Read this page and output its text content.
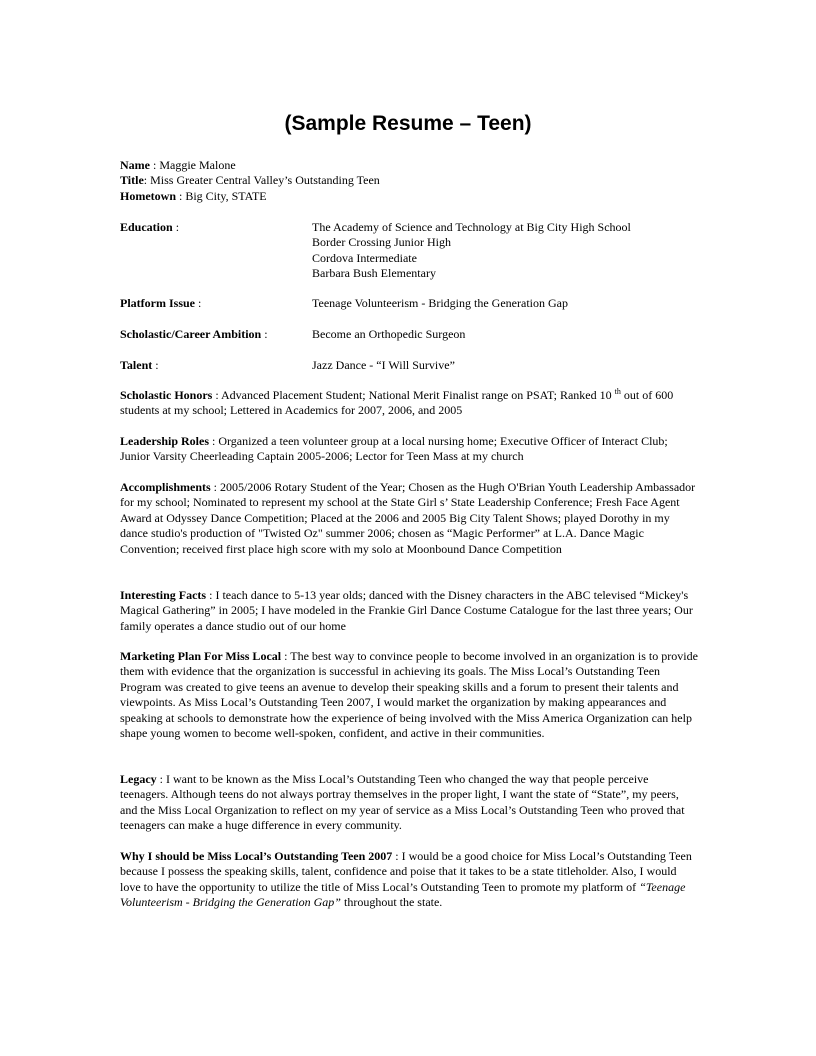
(Sample Resume – Teen)
Name : Maggie Malone
Title: Miss Greater Central Valley’s Outstanding Teen
Hometown : Big City, STATE
Education :	The Academy of Science and Technology at Big City High School
Border Crossing Junior High
Cordova Intermediate
Barbara Bush Elementary
Platform Issue :	Teenage Volunteerism - Bridging the Generation Gap
Scholastic/Career Ambition :	Become an Orthopedic Surgeon
Talent :	Jazz Dance - “I Will Survive”

Scholastic Honors : Advanced Placement Student; National Merit Finalist range on PSAT; Ranked 10 $^{th}$ out of 600 students at my school; Lettered in Academics for 2007, 2006, and 2005

Leadership Roles : Organized a teen volunteer group at a local nursing home; Executive Officer of Interact Club; Junior Varsity Cheerleading Captain 2005-2006; Lector for Teen Mass at my church

Accomplishments : 2005/2006 Rotary Student of the Year; Chosen as the Hugh O'Brian Youth Leadership Ambassador for my school; Nominated to represent my school at the State Girl s’ State Leadership Conference; Fresh Face Agent Award at Odyssey Dance Competition; Placed at the 2006 and 2005 Big City Talent Shows; played Dorothy in my dance studio's production of "Twisted Oz" summer 2006; chosen as “Magic Performer” at L.A. Dance Magic Convention; received first place high score with my solo at Moonbound Dance Competition

Interesting Facts : I teach dance to 5-13 year olds; danced with the Disney characters in the ABC televised “Mickey's Magical Gathering” in 2005; I have modeled in the Frankie Girl Dance Costume Catalogue for the last three years; Our family operates a dance studio out of our home

Marketing Plan For Miss Local : The best way to convince people to become involved in an organization is to provide them with evidence that the organization is successful in achieving its goals. The Miss Local’s Outstanding Teen Program was created to give teens an avenue to develop their speaking skills and a forum to present their talents and viewpoints. As Miss Local’s Outstanding Teen 2007, I would market the organization by making appearances and speaking at schools to demonstrate how the experience of being involved with the Miss America Organization can help shape young women to become well-spoken, confident, and active in their communities.

Legacy : I want to be known as the Miss Local’s Outstanding Teen who changed the way that people perceive teenagers. Although teens do not always portray themselves in the proper light, I want the state of “State”, my peers, and the Miss Local Organization to reflect on my year of service as a Miss Local’s Outstanding Teen who proved that teenagers can make a huge difference in every community.

Why I should be Miss Local’s Outstanding Teen 2007 : I would be a good choice for Miss Local’s Outstanding Teen because I possess the speaking skills, talent, confidence and poise that it takes to be a state titleholder. Also, I would love to have the opportunity to utilize the title of Miss Local’s Outstanding Teen to promote my platform of “Teenage Volunteerism - Bridging the Generation Gap” throughout the state.
